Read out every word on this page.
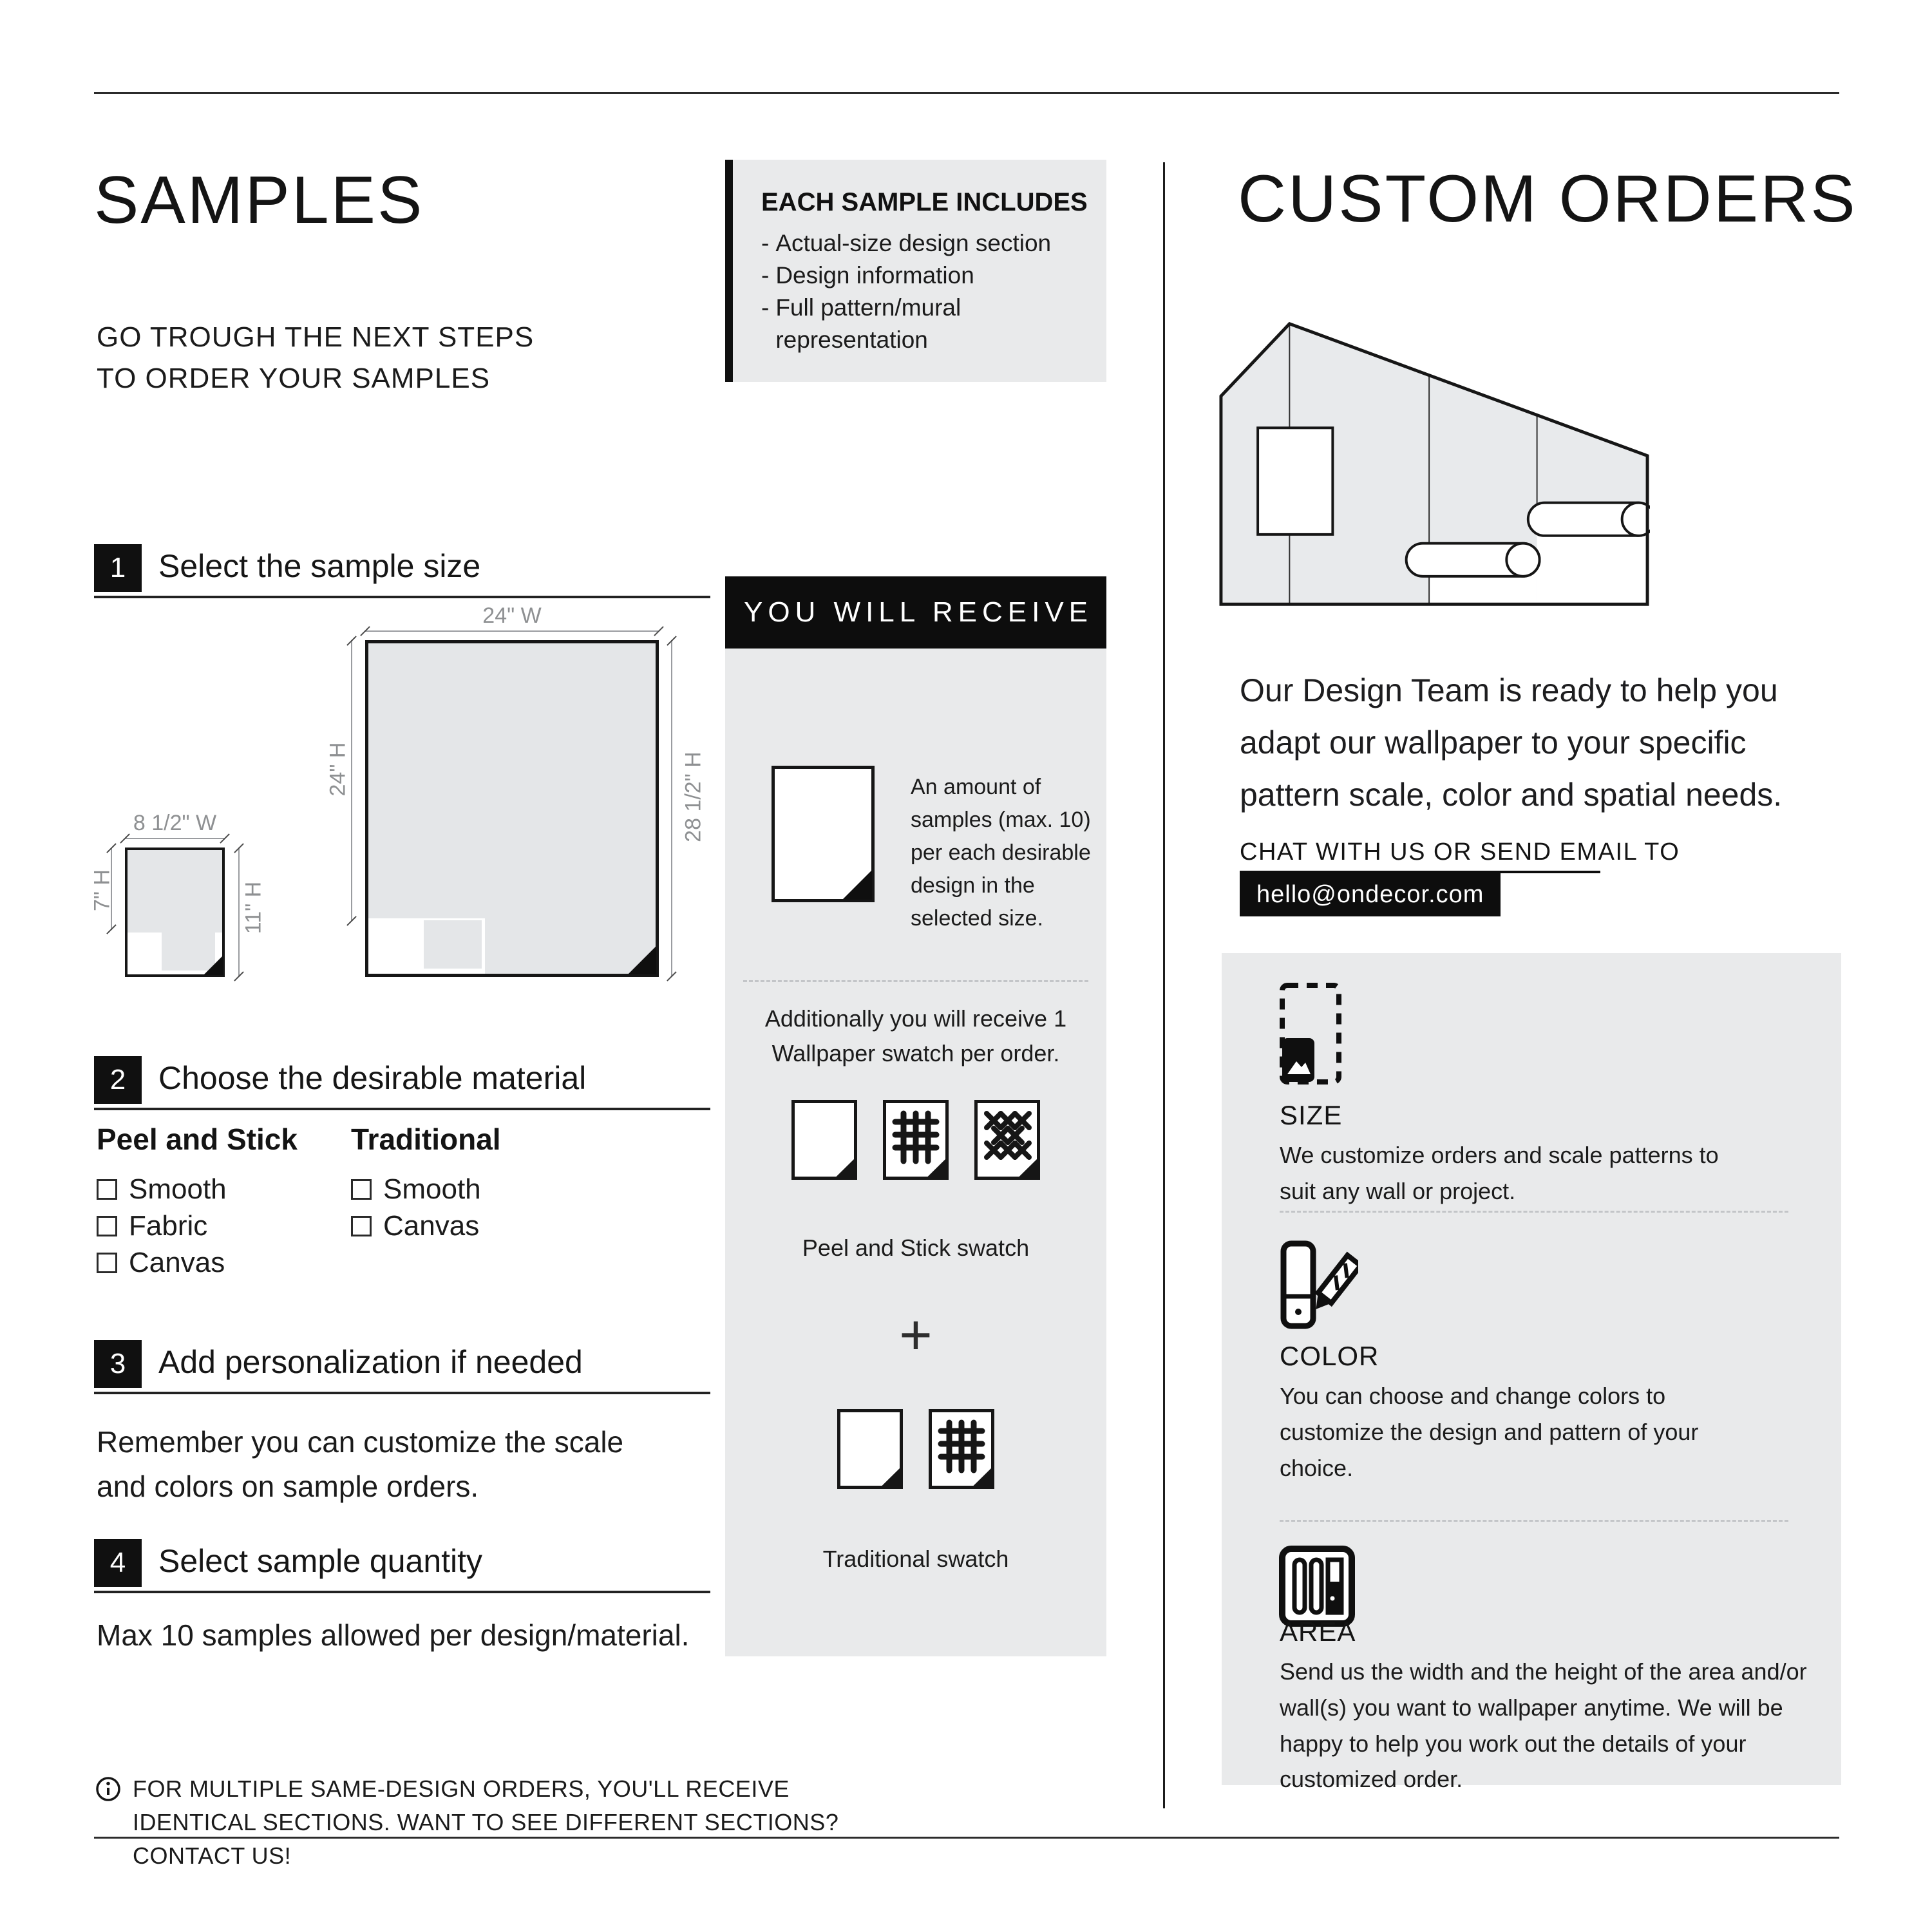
SAMPLES
GO TROUGH THE NEXT STEPS
TO ORDER YOUR SAMPLES
EACH SAMPLE INCLUDES
- Actual-size design section
- Design information
- Full pattern/mural representation
1	Select the sample size
24" W
24" H	28 1/2" H
8 1/2" W
7" H	11" H
2	Choose the desirable material
Peel and Stick
Smooth
Fabric
Canvas
Traditional
Smooth
Canvas
3	Add personalization if needed
Remember you can customize the scale and colors on sample orders.
4	Select sample quantity
Max 10 samples allowed per design/material.
FOR MULTIPLE SAME-DESIGN ORDERS, YOU'LL RECEIVE IDENTICAL SECTIONS. WANT TO SEE DIFFERENT SECTIONS? CONTACT US!
YOU WILL RECEIVE
An amount of samples (max. 10) per each desirable design in the selected size.
Additionally you will receive 1 Wallpaper swatch per order.
Peel and Stick swatch
+
Traditional swatch
CUSTOM ORDERS
Our Design Team is ready to help you
adapt our wallpaper to your specific
pattern scale, color and spatial needs.
CHAT WITH US OR SEND EMAIL TO
hello@ondecor.com
SIZE
We customize orders and scale patterns to suit any wall or project.
COLOR
You can choose and change colors to customize the design and pattern of your choice.
AREA
Send us the width and the height of the area and/or wall(s) you want to wallpaper anytime. We will be happy to help you work out the details of your customized order.
